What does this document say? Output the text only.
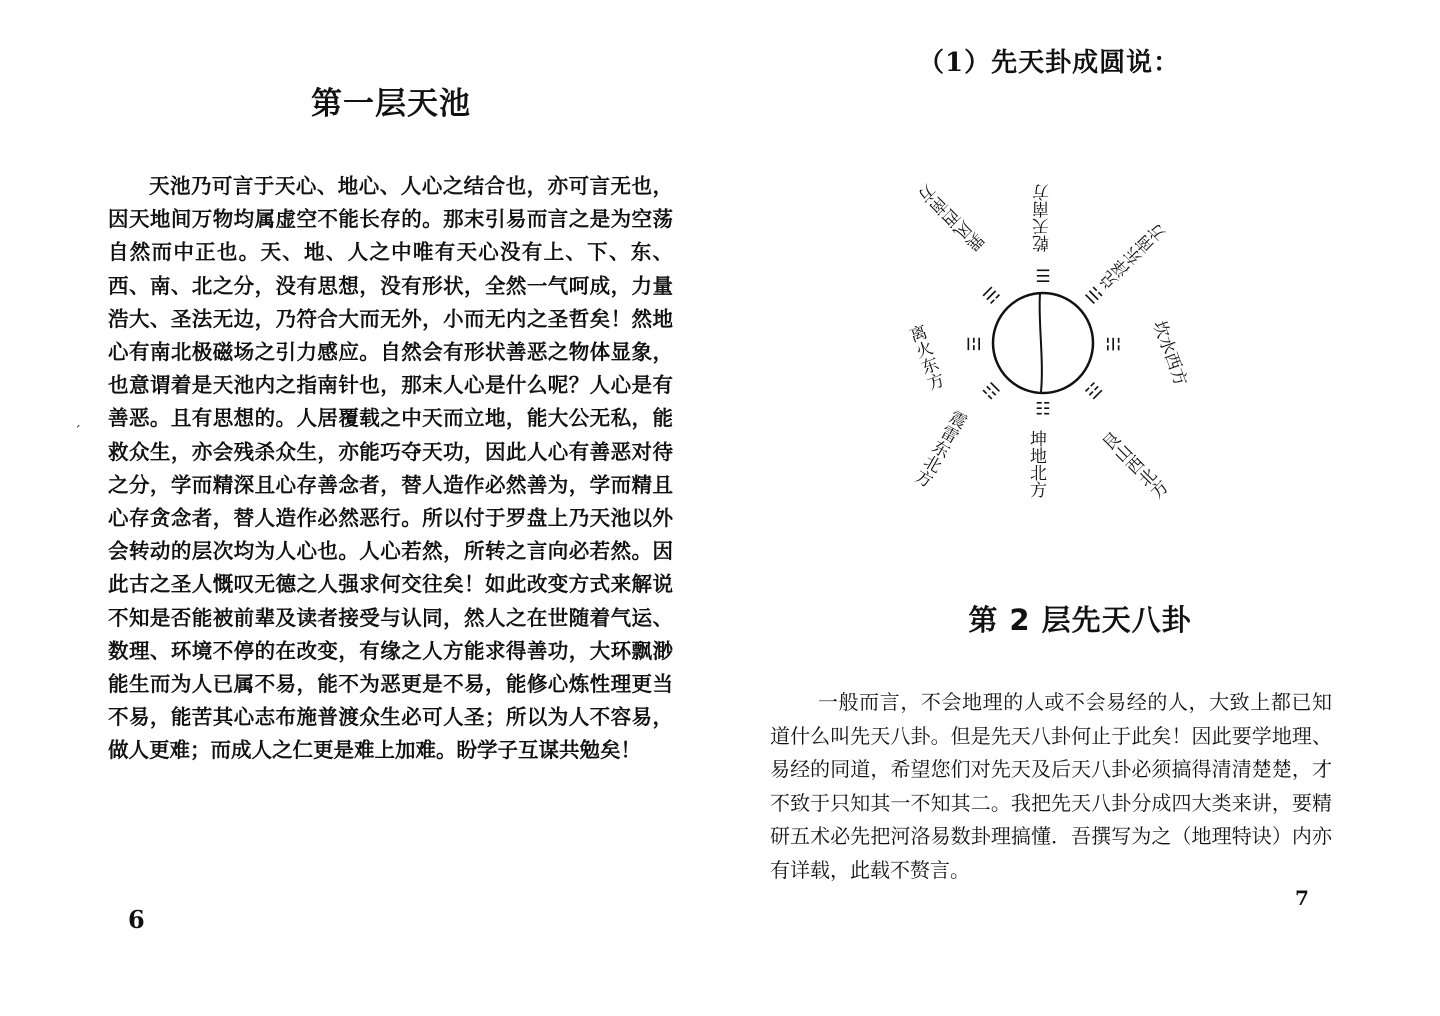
第一层天池

天池乃可言于天心、地心、人心之结合也，亦可言无也，因天地间万物均属虚空不能长存的。那末引易而言之是为空荡自然而中正也。天、地、人之中唯有天心没有上、下、东、西、南、北之分，没有思想，没有形状，全然一气呵成，力量浩大、圣法无边，乃符合大而无外，小而无内之圣哲矣！然地心有南北极磁场之引力感应。自然会有形状善恶之物体显象，也意谓着是天池内之指南针也，那末人心是什么呢？人心是有善恶。且有思想的。人居覆载之中天而立地，能大公无私，能救众生，亦会残杀众生，亦能巧夺天功，因此人心有善恶对待之分，学而精深且心存善念者，替人造作必然善为，学而精且心存贪念者，替人造作必然恶行。所以付于罗盘上乃天池以外会转动的层次均为人心也。人心若然，所转之言向必若然。因此古之圣人慨叹无德之人强求何交往矣！如此改变方式来解说不知是否能被前辈及读者接受与认同，然人之在世随着气运、数理、环境不停的在改变，有缘之人方能求得善功，大环飘渺能生而为人已属不易，能不为恶更是不易，能修心炼性理更当不易，能苦其心志布施普渡众生必可人圣；所以为人不容易，做人更难；而成人之仁更是难上加难。盼学子互谋共勉矣！

ˊ
6
（1）先天卦成圆说：
☰
☱
☵
☶
☷
☳
☲
☴
乾天南方
兑泽东南方
坎水西方
艮山西北方
坤地北方
震雷东北方
离火东方
巽风西南方
第 2 层先天八卦

一般而言，不会地理的人或不会易经的人，大致上都已知道什么叫先天八卦。但是先天八卦何止于此矣！因此要学地理、易经的同道，希望您们对先天及后天八卦必须搞得清清楚楚，才不致于只知其一不知其二。我把先天八卦分成四大类来讲，要精研五术必先把河洛易数卦理搞懂．吾撰写为之（地理特诀）内亦有详载，此载不赘言。

7
